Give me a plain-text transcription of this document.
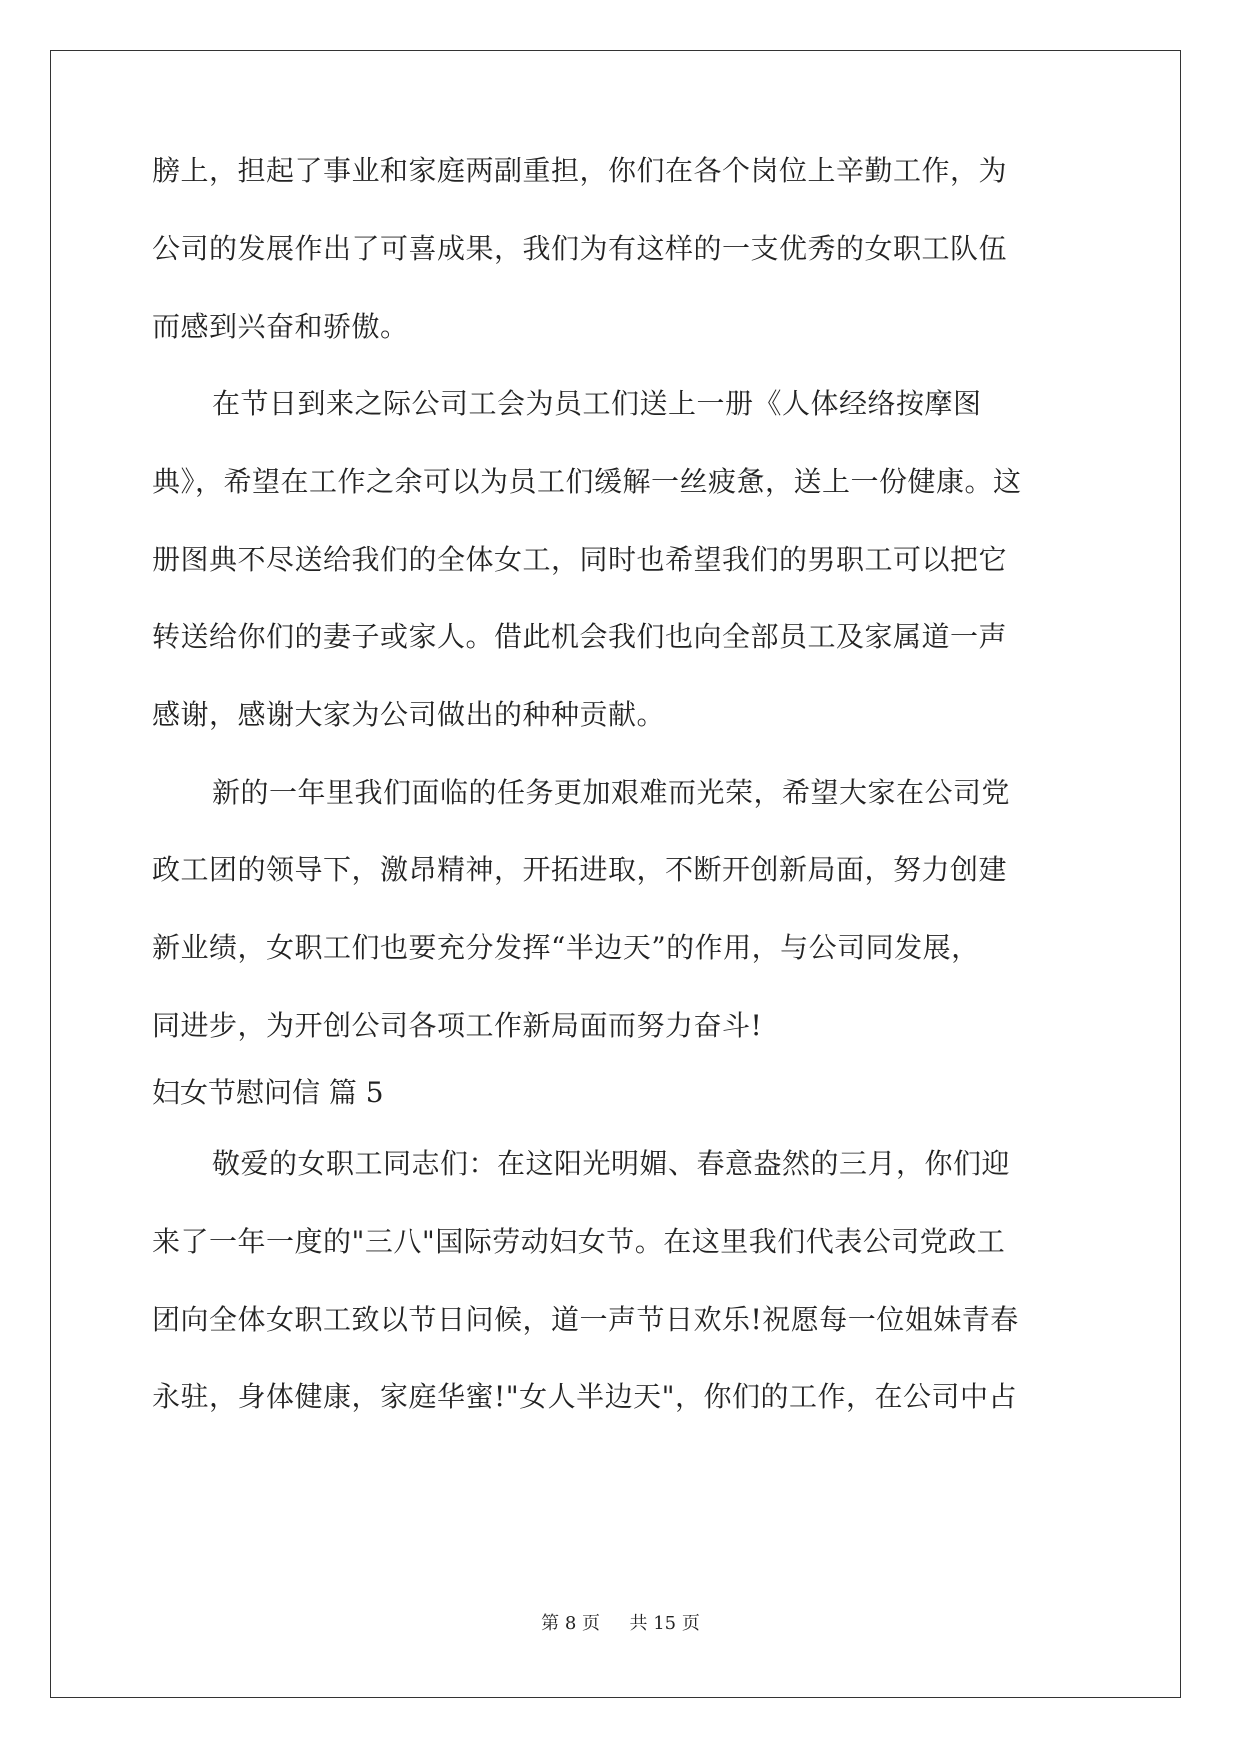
膀上，担起了事业和家庭两副重担，你们在各个岗位上辛勤工作，为
公司的发展作出了可喜成果，我们为有这样的一支优秀的女职工队伍
而感到兴奋和骄傲。
在节日到来之际公司工会为员工们送上一册《人体经络按摩图
典》，希望在工作之余可以为员工们缓解一丝疲惫，送上一份健康。这
册图典不尽送给我们的全体女工，同时也希望我们的男职工可以把它
转送给你们的妻子或家人。借此机会我们也向全部员工及家属道一声
感谢，感谢大家为公司做出的种种贡献。
新的一年里我们面临的任务更加艰难而光荣，希望大家在公司党
政工团的领导下，激昂精神，开拓进取，不断开创新局面，努力创建
新业绩，女职工们也要充分发挥“半边天”的作用，与公司同发展，
同进步，为开创公司各项工作新局面而努力奋斗!
妇女节慰问信 篇 5
敬爱的女职工同志们：在这阳光明媚、春意盎然的三月，你们迎
来了一年一度的"三八"国际劳动妇女节。在这里我们代表公司党政工
团向全体女职工致以节日问候，道一声节日欢乐!祝愿每一位姐妹青春
永驻，身体健康，家庭华蜜!"女人半边天"，你们的工作，在公司中占
第 8 页 共 15 页
